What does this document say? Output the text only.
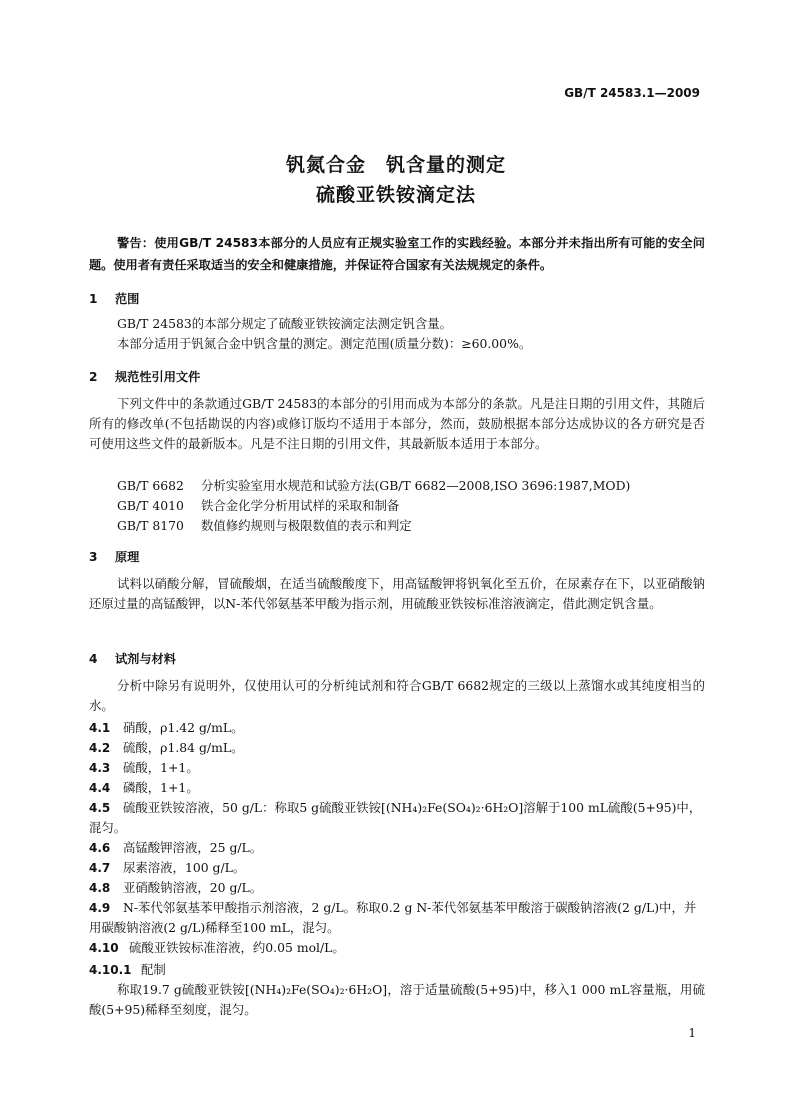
GB/T 24583.1—2009
钒氮合金　钒含量的测定
硫酸亚铁铵滴定法
警告：使用GB/T 24583本部分的人员应有正规实验室工作的实践经验。本部分并未指出所有可能的安全问题。使用者有责任采取适当的安全和健康措施，并保证符合国家有关法规规定的条件。
1 范围
GB/T 24583的本部分规定了硫酸亚铁铵滴定法测定钒含量。
本部分适用于钒氮合金中钒含量的测定。测定范围(质量分数)：≥60.00%。
2 规范性引用文件
下列文件中的条款通过GB/T 24583的本部分的引用而成为本部分的条款。凡是注日期的引用文件，其随后所有的修改单(不包括勘误的内容)或修订版均不适用于本部分，然而，鼓励根据本部分达成协议的各方研究是否可使用这些文件的最新版本。凡是不注日期的引用文件，其最新版本适用于本部分。
GB/T 6682 分析实验室用水规范和试验方法(GB/T 6682—2008,ISO 3696:1987,MOD)
GB/T 4010 铁合金化学分析用试样的采取和制备
GB/T 8170 数值修约规则与极限数值的表示和判定
3 原理
试料以硝酸分解，冒硫酸烟，在适当硫酸酸度下，用高锰酸钾将钒氧化至五价，在尿素存在下，以亚硝酸钠还原过量的高锰酸钾，以N-苯代邻氨基苯甲酸为指示剂，用硫酸亚铁铵标准溶液滴定，借此测定钒含量。
4 试剂与材料
分析中除另有说明外，仅使用认可的分析纯试剂和符合GB/T 6682规定的三级以上蒸馏水或其纯度相当的水。
4.1 硝酸，ρ1.42 g/mL。
4.2 硫酸，ρ1.84 g/mL。
4.3 硫酸，1+1。
4.4 磷酸，1+1。
4.5 硫酸亚铁铵溶液，50 g/L：称取5 g硫酸亚铁铵[(NH₄)₂Fe(SO₄)₂·6H₂O]溶解于100 mL硫酸(5+95)中，混匀。
4.6 高锰酸钾溶液，25 g/L。
4.7 尿素溶液，100 g/L。
4.8 亚硝酸钠溶液，20 g/L。
4.9 N-苯代邻氨基苯甲酸指示剂溶液，2 g/L。称取0.2 g N-苯代邻氨基苯甲酸溶于碳酸钠溶液(2 g/L)中，并用碳酸钠溶液(2 g/L)稀释至100 mL，混匀。
4.10 硫酸亚铁铵标准溶液，约0.05 mol/L。
4.10.1 配制
称取19.7 g硫酸亚铁铵[(NH₄)₂Fe(SO₄)₂·6H₂O]，溶于适量硫酸(5+95)中，移入1 000 mL容量瓶，用硫酸(5+95)稀释至刻度，混匀。
1
